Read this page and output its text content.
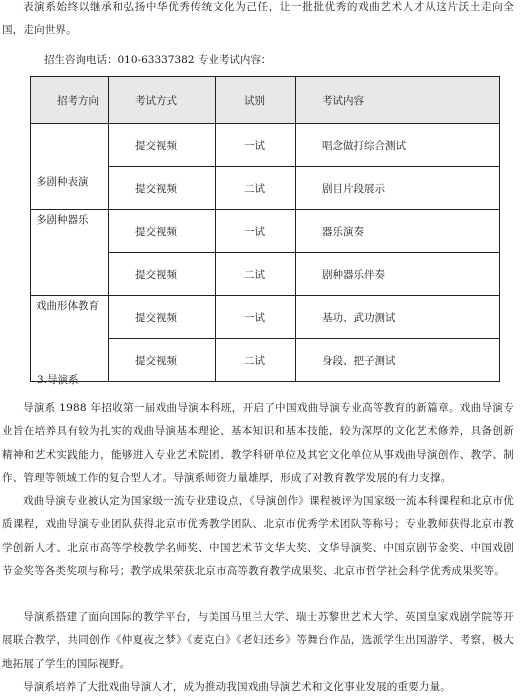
表演系始终以继承和弘扬中华优秀传统文化为己任，让一批批优秀的戏曲艺术人才从这片沃土走向全国，走向世界。

招生咨询电话：010-63337382 专业考试内容：

招考方向	考试方式	试别	考试内容

多剧种表演	提交视频	一试	唱念做打综合测试
	提交视频	二试	剧目片段展示

多剧种器乐	提交视频	一试	器乐演奏
	提交视频	二试	剧种器乐伴奏

戏曲形体教育	提交视频	一试	基功、武功测试
	提交视频	二试	身段、把子测试

3.导演系

导演系 1988 年招收第一届戏曲导演本科班，开启了中国戏曲导演专业高等教育的新篇章。戏曲导演专业旨在培养具有较为扎实的戏曲导演基本理论、基本知识和基本技能，较为深厚的文化艺术修养，具备创新精神和艺术实践能力，能够进入专业艺术院团、教学科研单位及其它文化单位从事戏曲导演创作、教学、制作、管理等领域工作的复合型人才。导演系师资力量雄厚，形成了对教育教学发展的有力支撑。

戏曲导演专业被认定为国家级一流专业建设点，《导演创作》课程被评为国家级一流本科课程和北京市优质课程，戏曲导演专业团队获得北京市优秀教学团队、北京市优秀学术团队等称号；专业教师获得北京市教学创新人才、北京市高等学校教学名师奖、中国艺术节文华大奖、文华导演奖、中国京剧节金奖、中国戏剧节金奖等各类奖项与称号；教学成果荣获北京市高等教育教学成果奖、北京市哲学社会科学优秀成果奖等。

导演系搭建了面向国际的教学平台，与美国马里兰大学、瑞士苏黎世艺术大学、英国皇家戏剧学院等开展联合教学，共同创作《仲夏夜之梦》《麦克白》《老妇还乡》等舞台作品，选派学生出国游学、考察，极大地拓展了学生的国际视野。

导演系培养了大批戏曲导演人才，成为推动我国戏曲导演艺术和文化事业发展的重要力量。
